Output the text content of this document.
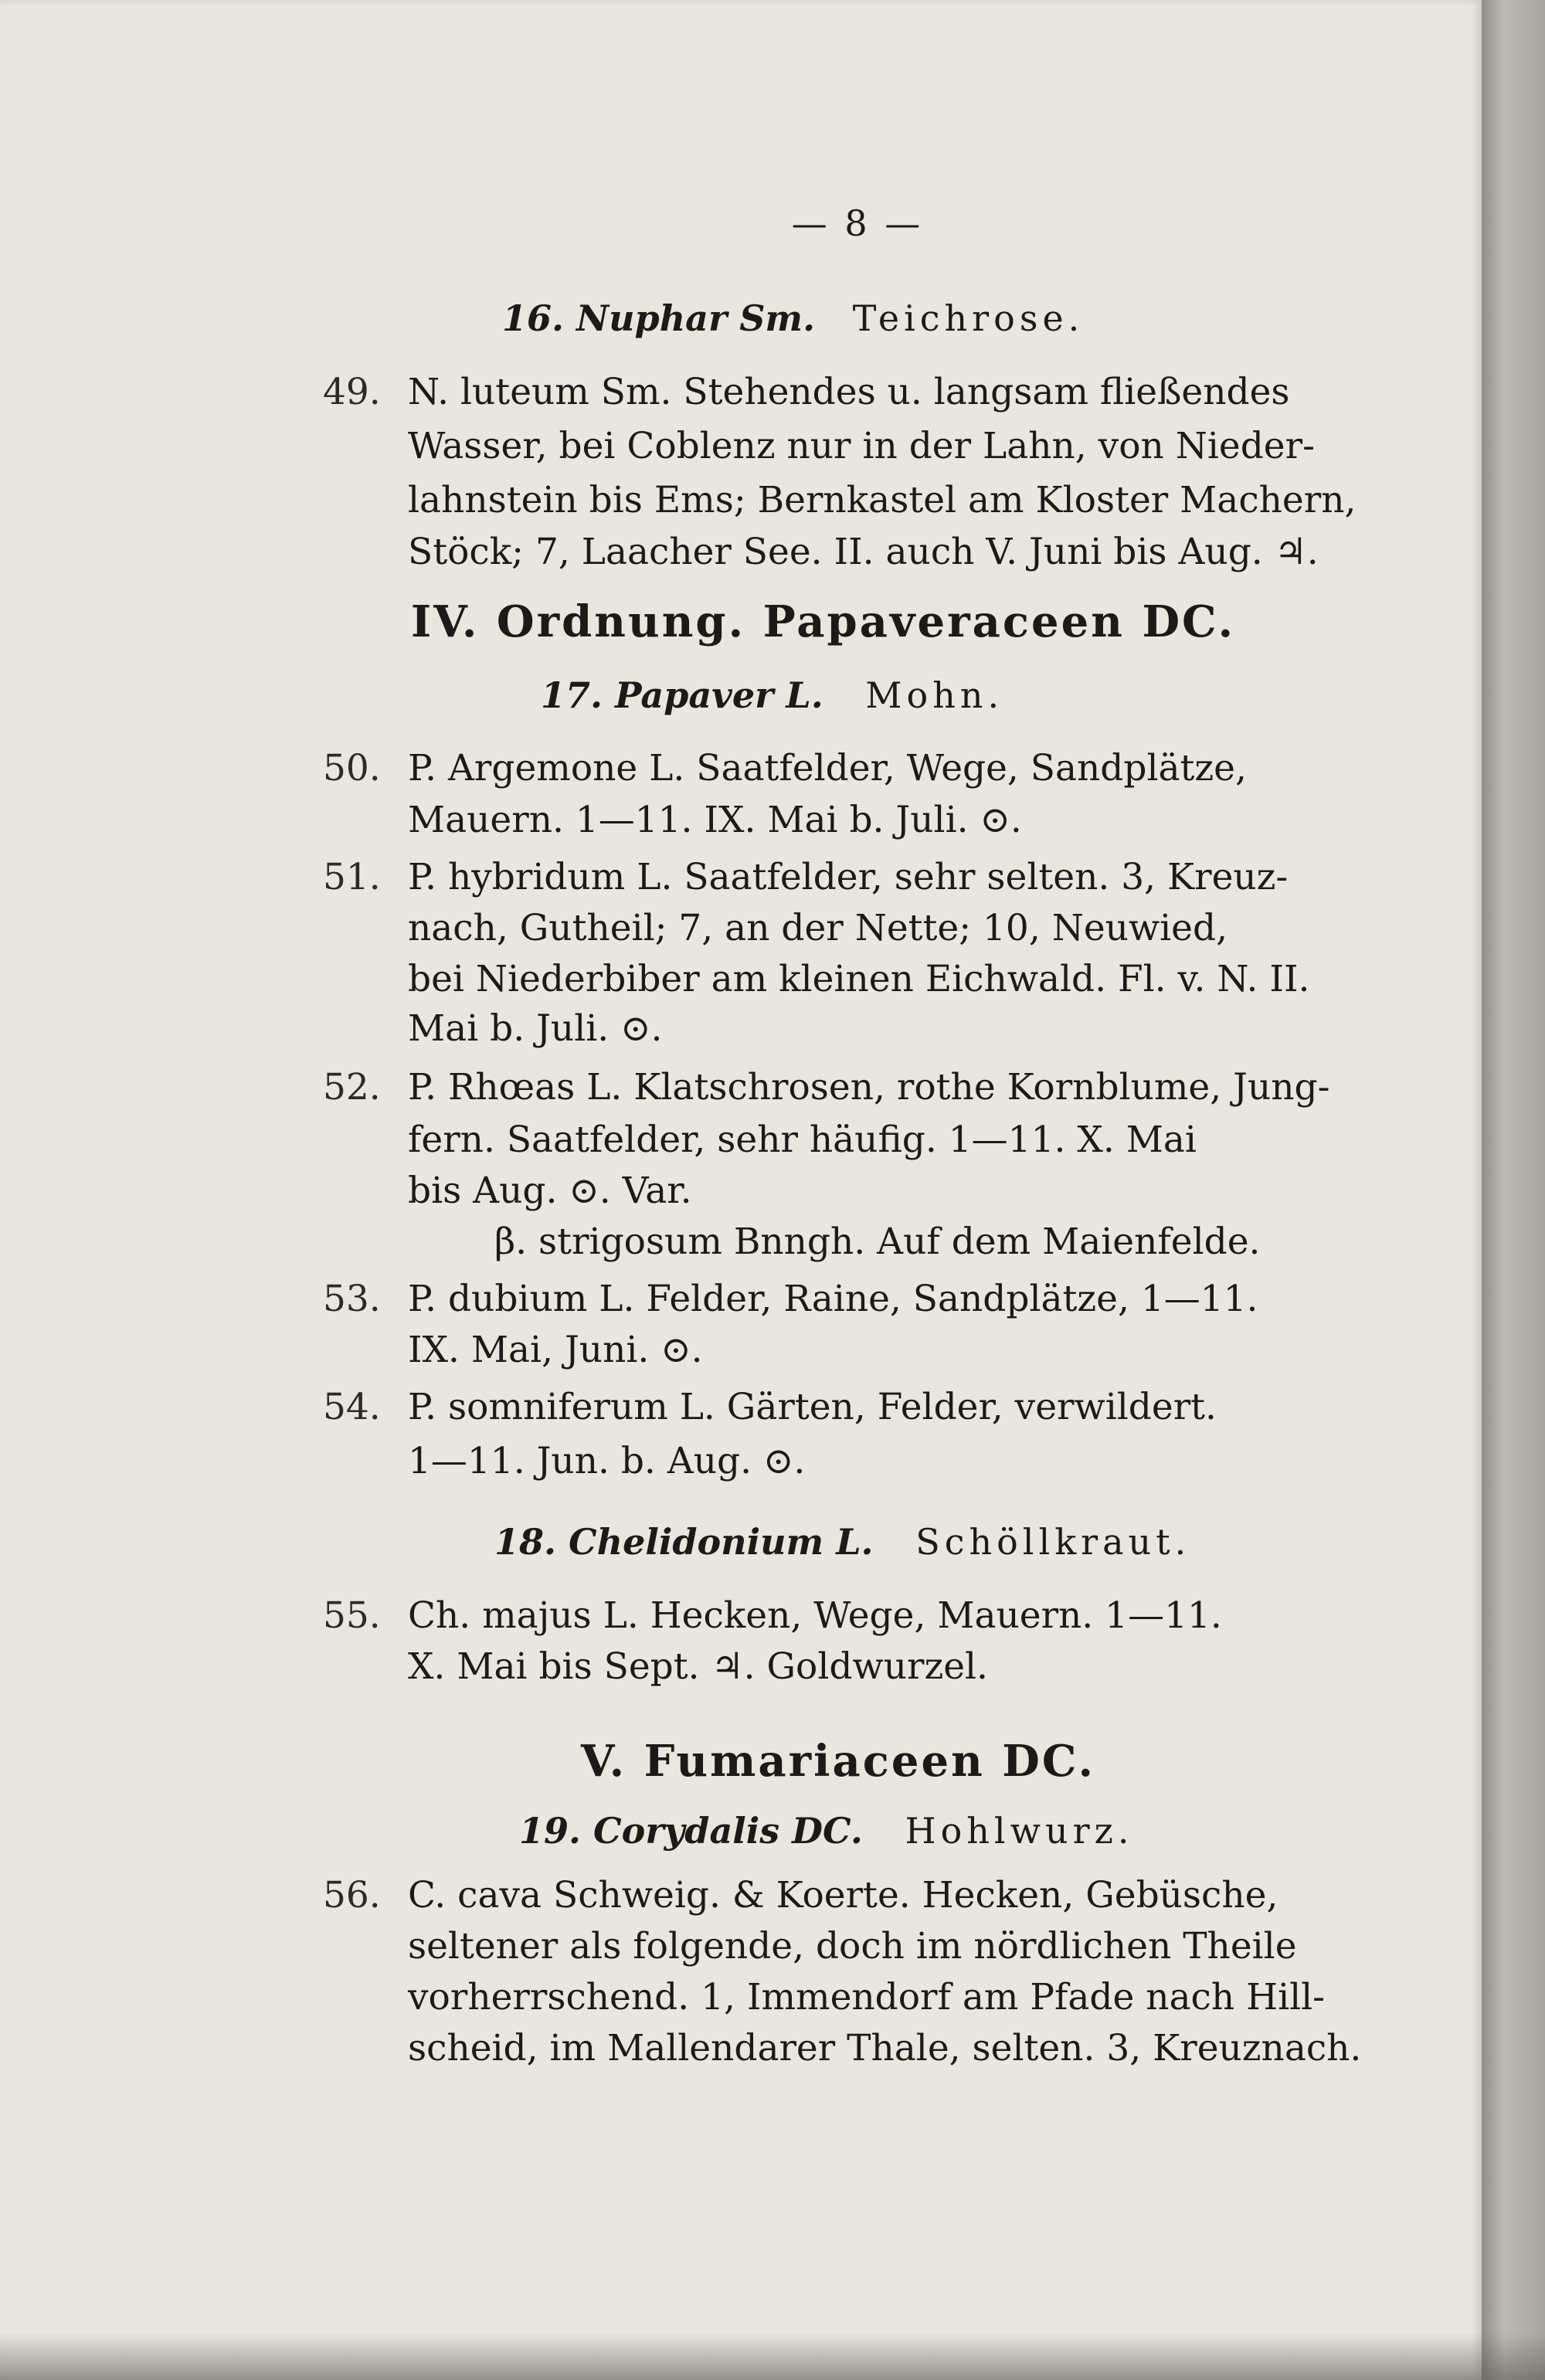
— 8 —
16. Nuphar Sm. Teichrose.
49. N. luteum Sm. Stehendes u. langsam fließendes
Wasser, bei Coblenz nur in der Lahn, von Nieder-
lahnstein bis Ems; Bernkastel am Kloster Machern,
Stöck; 7, Laacher See. II. auch V. Juni bis Aug. ♃.
IV. Ordnung. Papaveraceen DC.
17. Papaver L. Mohn.
50. P. Argemone L. Saatfelder, Wege, Sandplätze,
Mauern. 1—11. IX. Mai b. Juli. ⊙.
51. P. hybridum L. Saatfelder, sehr selten. 3, Kreuz-
nach, Gutheil; 7, an der Nette; 10, Neuwied,
bei Niederbiber am kleinen Eichwald. Fl. v. N. II.
Mai b. Juli. ⊙.
52. P. Rhœas L. Klatschrosen, rothe Kornblume, Jung-
fern. Saatfelder, sehr häufig. 1—11. X. Mai
bis Aug. ⊙. Var.
β. strigosum Bnngh. Auf dem Maienfelde.
53. P. dubium L. Felder, Raine, Sandplätze, 1—11.
IX. Mai, Juni. ⊙.
54. P. somniferum L. Gärten, Felder, verwildert.
1—11. Jun. b. Aug. ⊙.
18. Chelidonium L. Schöllkraut.
55. Ch. majus L. Hecken, Wege, Mauern. 1—11.
X. Mai bis Sept. ♃. Goldwurzel.
V. Fumariaceen DC.
19. Corydalis DC. Hohlwurz.
56. C. cava Schweig. & Koerte. Hecken, Gebüsche,
seltener als folgende, doch im nördlichen Theile
vorherrschend. 1, Immendorf am Pfade nach Hill-
scheid, im Mallendarer Thale, selten. 3, Kreuznach.
